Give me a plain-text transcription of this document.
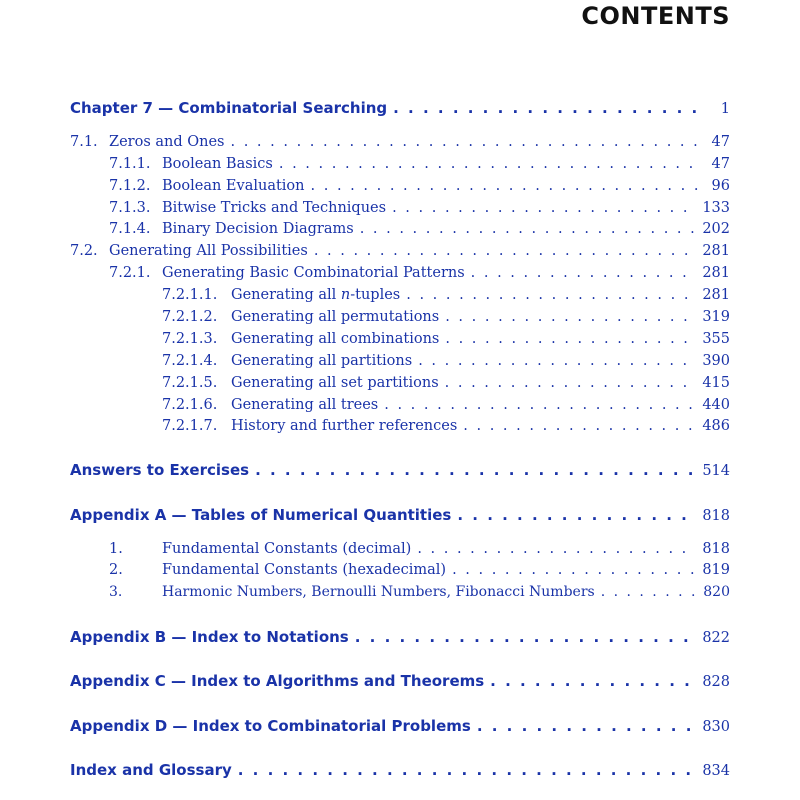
CONTENTS
Chapter 7 — Combinatorial Searching . . .	1
7.1. Zeros and Ones . . .	47
7.1.1. Boolean Basics . . .	47
7.1.2. Boolean Evaluation . . .	96
7.1.3. Bitwise Tricks and Techniques . . .	133
7.1.4. Binary Decision Diagrams . . .	202
7.2. Generating All Possibilities . . .	281
7.2.1. Generating Basic Combinatorial Patterns . . .	281
7.2.1.1. Generating all n-tuples . . .	281
7.2.1.2. Generating all permutations . . .	319
7.2.1.3. Generating all combinations . . .	355
7.2.1.4. Generating all partitions . . .	390
7.2.1.5. Generating all set partitions . . .	415
7.2.1.6. Generating all trees . . .	440
7.2.1.7. History and further references . . .	486
Answers to Exercises . . .	514
Appendix A — Tables of Numerical Quantities . . .	818
1.	Fundamental Constants (decimal) . . .	818
2.	Fundamental Constants (hexadecimal) . . .	819
3.	Harmonic Numbers, Bernoulli Numbers, Fibonacci Numbers . . .	820
Appendix B — Index to Notations . . .	822
Appendix C — Index to Algorithms and Theorems . . .	828
Appendix D — Index to Combinatorial Problems . . .	830
Index and Glossary . . .	834
